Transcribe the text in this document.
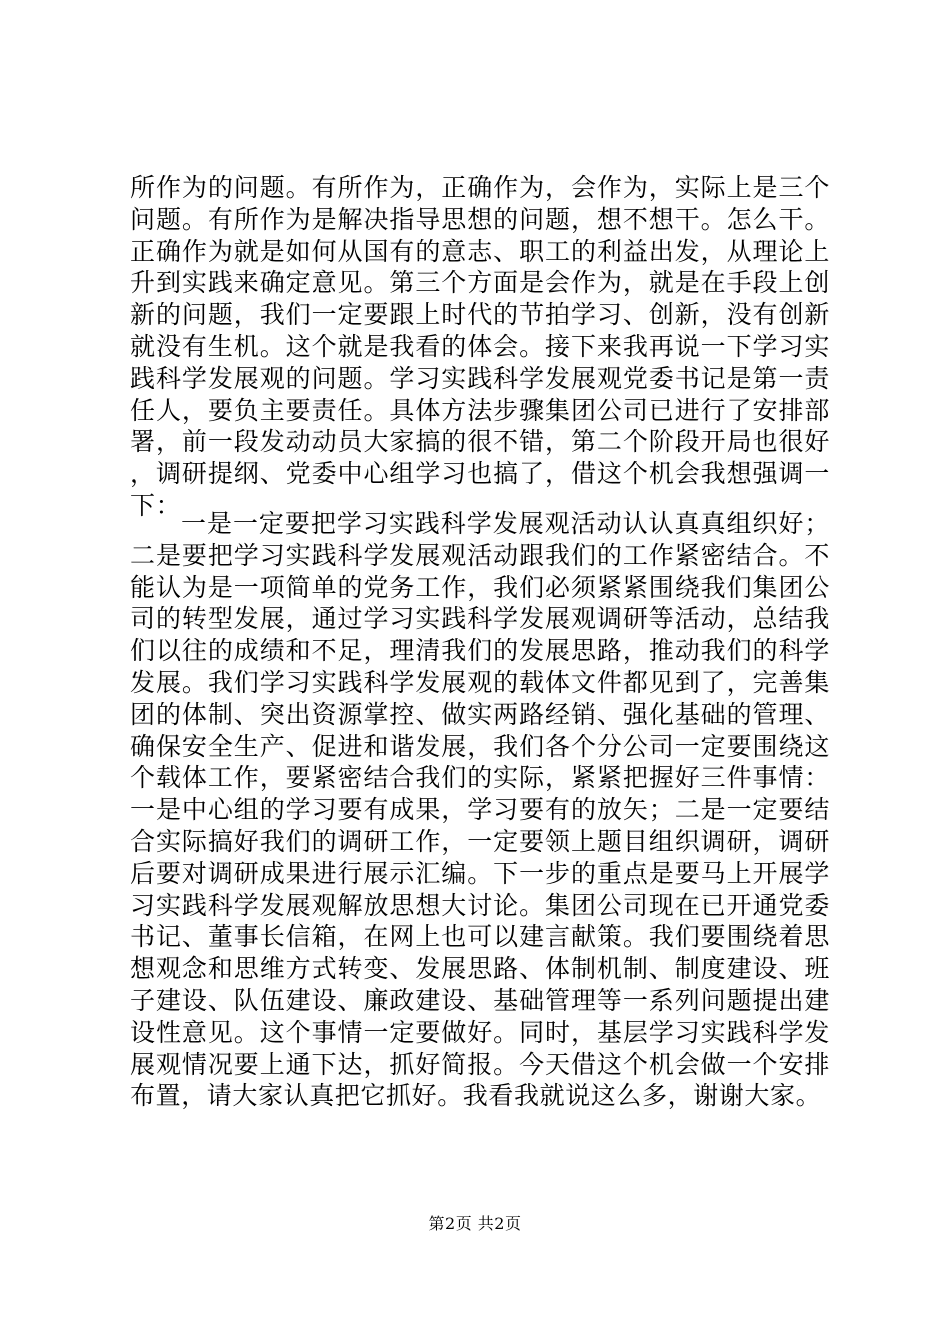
所作为的问题。有所作为，正确作为，会作为，实际上是三个问题。有所作为是解决指导思想的问题，想不想干。怎么干。正确作为就是如何从国有的意志、职工的利益出发，从理论上升到实践来确定意见。第三个方面是会作为，就是在手段上创新的问题，我们一定要跟上时代的节拍学习、创新，没有创新就没有生机。这个就是我看的体会。接下来我再说一下学习实践科学发展观的问题。学习实践科学发展观党委书记是第一责任人，要负主要责任。具体方法步骤集团公司已进行了安排部署，前一段发动动员大家搞的很不错，第二个阶段开局也很好，调研提纲、党委中心组学习也搞了，借这个机会我想强调一下：

一是一定要把学习实践科学发展观活动认认真真组织好；二是要把学习实践科学发展观活动跟我们的工作紧密结合。不能认为是一项简单的党务工作，我们必须紧紧围绕我们集团公司的转型发展，通过学习实践科学发展观调研等活动，总结我们以往的成绩和不足，理清我们的发展思路，推动我们的科学发展。我们学习实践科学发展观的载体文件都见到了，完善集团的体制、突出资源掌控、做实两路经销、强化基础的管理、确保安全生产、促进和谐发展，我们各个分公司一定要围绕这个载体工作，要紧密结合我们的实际，紧紧把握好三件事情：一是中心组的学习要有成果，学习要有的放矢；二是一定要结合实际搞好我们的调研工作，一定要领上题目组织调研，调研后要对调研成果进行展示汇编。下一步的重点是要马上开展学习实践科学发展观解放思想大讨论。集团公司现在已开通党委书记、董事长信箱，在网上也可以建言献策。我们要围绕着思想观念和思维方式转变、发展思路、体制机制、制度建设、班子建设、队伍建设、廉政建设、基础管理等一系列问题提出建设性意见。这个事情一定要做好。同时，基层学习实践科学发展观情况要上通下达，抓好简报。今天借这个机会做一个安排布置，请大家认真把它抓好。我看我就说这么多，谢谢大家。

第2页 共2页
